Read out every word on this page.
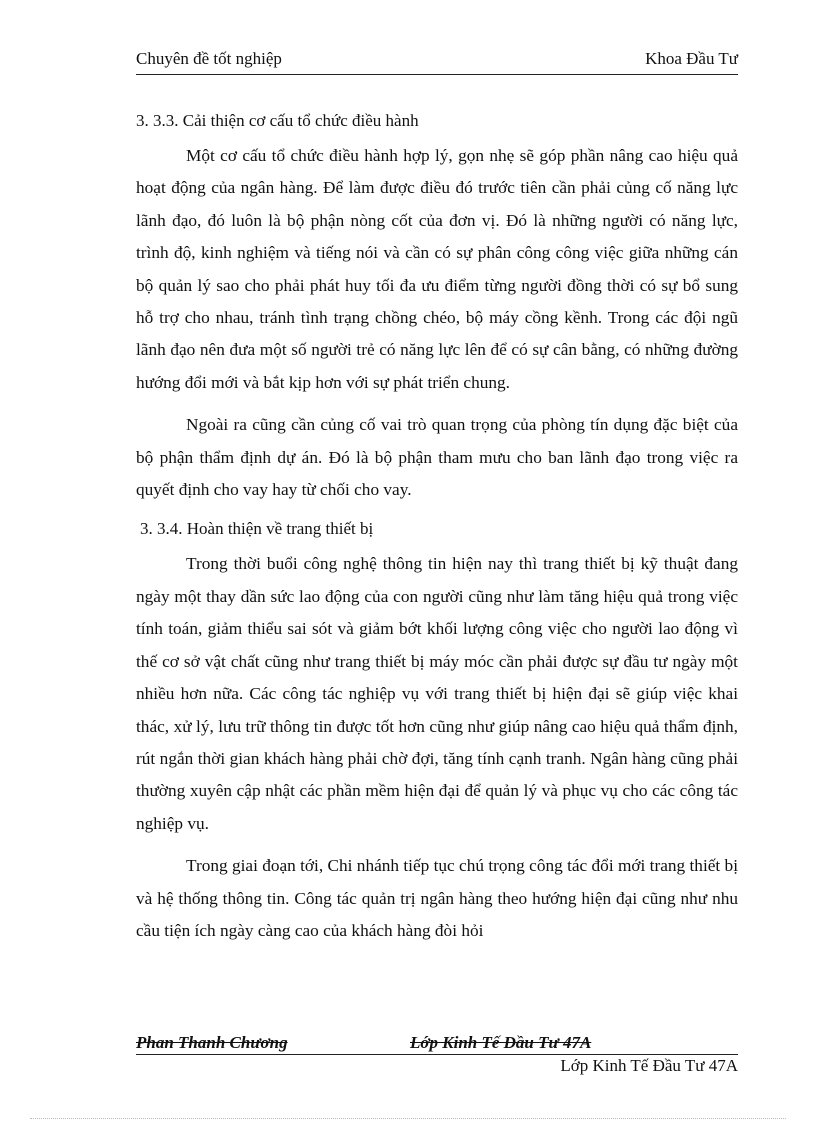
Chuyên đề tốt nghiệp	Khoa Đầu Tư
3. 3.3. Cải thiện cơ cấu tổ chức điều hành

Một cơ cấu tổ chức điều hành hợp lý, gọn nhẹ sẽ góp phần nâng cao hiệu quả hoạt động của ngân hàng. Để làm được điều đó trước tiên cần phải củng cố năng lực lãnh đạo, đó luôn là bộ phận nòng cốt của đơn vị. Đó là những người có năng lực, trình độ, kinh nghiệm và tiếng nói và cần có sự phân công công việc giữa những cán bộ quản lý sao cho phải phát huy tối đa ưu điểm từng người đồng thời có sự bổ sung hỗ trợ cho nhau, tránh tình trạng chồng chéo, bộ máy cồng kềnh. Trong các đội ngũ lãnh đạo nên đưa một số người trẻ có năng lực lên để có sự cân bằng, có những đường hướng đổi mới và bắt kịp hơn với sự phát triển chung.

Ngoài ra cũng cần củng cố vai trò quan trọng của phòng tín dụng đặc biệt của bộ phận thẩm định dự án. Đó là bộ phận tham mưu cho ban lãnh đạo trong việc ra quyết định cho vay hay từ chối cho vay.

3. 3.4. Hoàn thiện về trang thiết bị

Trong thời buổi công nghệ thông tin hiện nay thì trang thiết bị kỹ thuật đang ngày một thay dần sức lao động của con người cũng như làm tăng hiệu quả trong việc tính toán, giảm thiểu sai sót và giảm bớt khối lượng công việc cho người lao động vì thế cơ sở vật chất cũng như trang thiết bị máy móc cần phải được sự đầu tư ngày một nhiều hơn nữa. Các công tác nghiệp vụ với trang thiết bị hiện đại sẽ giúp việc khai thác, xử lý, lưu trữ thông tin được tốt hơn cũng như giúp nâng cao hiệu quả thẩm định, rút ngắn thời gian khách hàng phải chờ đợi, tăng tính cạnh tranh. Ngân hàng cũng phải thường xuyên cập nhật các phần mềm hiện đại để quản lý và phục vụ cho các công tác nghiệp vụ.

Trong giai đoạn tới, Chi nhánh tiếp tục chú trọng công tác đổi mới trang thiết bị và hệ thống thông tin. Công tác quản trị ngân hàng theo hướng hiện đại cũng như nhu cầu tiện ích ngày càng cao của khách hàng đòi hỏi

Phan Thanh Chương	Lớp Kinh Tế Đầu Tư 47A
Lớp Kinh Tế Đầu Tư 47A
